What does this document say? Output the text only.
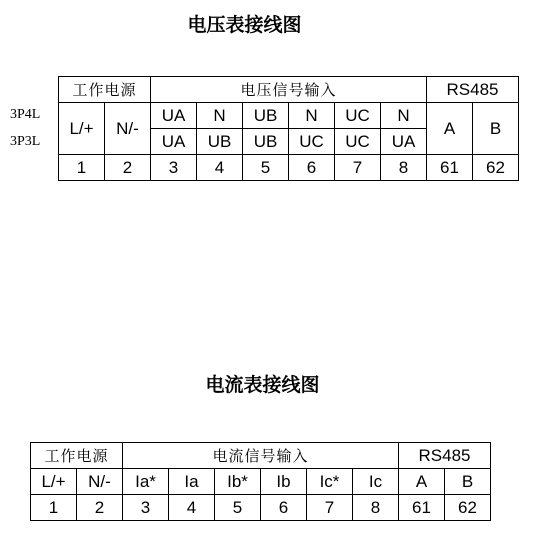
电压表接线图
3P4L
3P3L
工作电源		电压信号输入						RS485	
L/+	N/-	UA	N	UB	N	UC	N	A	B
		UA	UB	UB	UC	UC	UA		
1	2	3	4	5	6	7	8	61	62
电流表接线图
工作电源		电流信号输入						RS485	
L/+	N/-	Ia*	Ia	Ib*	Ib	Ic*	Ic	A	B
1	2	3	4	5	6	7	8	61	62
